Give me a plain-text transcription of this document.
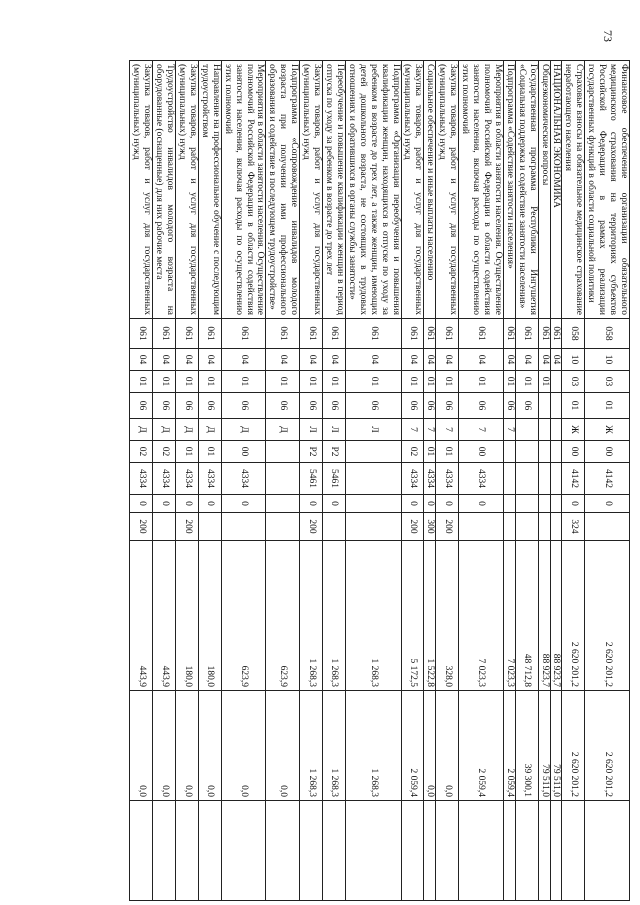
73
Финансовое обеспечение организации обязательного медицинского страхования на территориях субъектов Российской Федерации в рамках реализации государственных функций в области социальной политики	058	10	03	01	Ж	00	4142	0		2 620 201,2	2 620 201,2	
Страховые взносы на обязательное медицинское страхование неработающего населения	058	10	03	01	Ж	00	4142	0	324	2 620 201,2	2 620 201,2	
НАЦИОНАЛЬНАЯ ЭКОНОМИКА	061	04								88 923,7	79 511,0	
Общеэкономические вопросы	061	04	01							88 923,7	79 511,0	
Государственная программа Республики Ингушетия «Социальная поддержка и содействие занятости населения»	061	04	01	06						48 712,8	39 300,1	
Подпрограмма «Содействие занятости населения»	061	04	01	06	7					7 023,3	2 059,4	
Мероприятия в области занятости населения. Осуществление полномочий Российской Федерации в области содействия занятости населения, включая расходы по осуществлению этих полномочий	061	04	01	06	7	00	4334	0		7 023,3	2 059,4	
Закупка товаров, работ и услуг для государственных (муниципальных) нужд	061	04	01	06	7	01	4334	0	200	328,0	0,0	
Социальное обеспечение и иные выплаты населению	061	04	01	06	7	01	4334	0	300	1 522,8	0,0	
Закупка товаров, работ и услуг для государственных (муниципальных) нужд	061	04	01	06	7	02	4334	0	200	5 172,5	2 059,4	
Подпрограмма «Организация переобучения и повышения квалификации женщин, находящихся в отпуске по уходу за ребенком в возрасте до трех лет, а также женщин, имеющих детей дошкольного возраста, не состоящих в трудовых отношениях и обратившихся в органы службы занятости»	061	04	01	06	Л					1 268,3	1 268,3	
Переобучение и повышение квалификации женщин в период отпуска по уходу за ребенком в возрасте до трех лет	061	04	01	06	Л	Р2	5461	0		1 268,3	1 268,3	
Закупка товаров, работ и услуг для государственных (муниципальных) нужд	061	04	01	06	Л	Р2	5461	0	200	1 268,3	1 268,3	
Подпрограмма «Сопровождение инвалидов молодого возраста при получении ими профессионального образования и содействие в последующем трудоустройстве»	061	04	01	06	Д					623,9	0,0	
Мероприятия в области занятости населения. Осуществление полномочий Российской Федерации в области содействия занятости населения, включая расходы по осуществлению этих полномочий	061	04	01	06	Д	00	4334	0		623,9	0,0	
Направление на профессиональное обучение с последующим трудоустройством	061	04	01	06	Д	01	4334	0		180,0	0,0	
Закупка товаров, работ и услуг для государственных (муниципальных) нужд	061	04	01	06	Д	01	4334	0	200	180,0	0,0	
Трудоустройство инвалидов молодого возраста на оборудованные (оснащенные) для них рабочие места	061	04	01	06	Д	02	4334	0		443,9	0,0	
Закупка товаров, работ и услуг для государственных (муниципальных) нужд	061	04	01	06	Д	02	4334	0	200	443,9	0,0	
